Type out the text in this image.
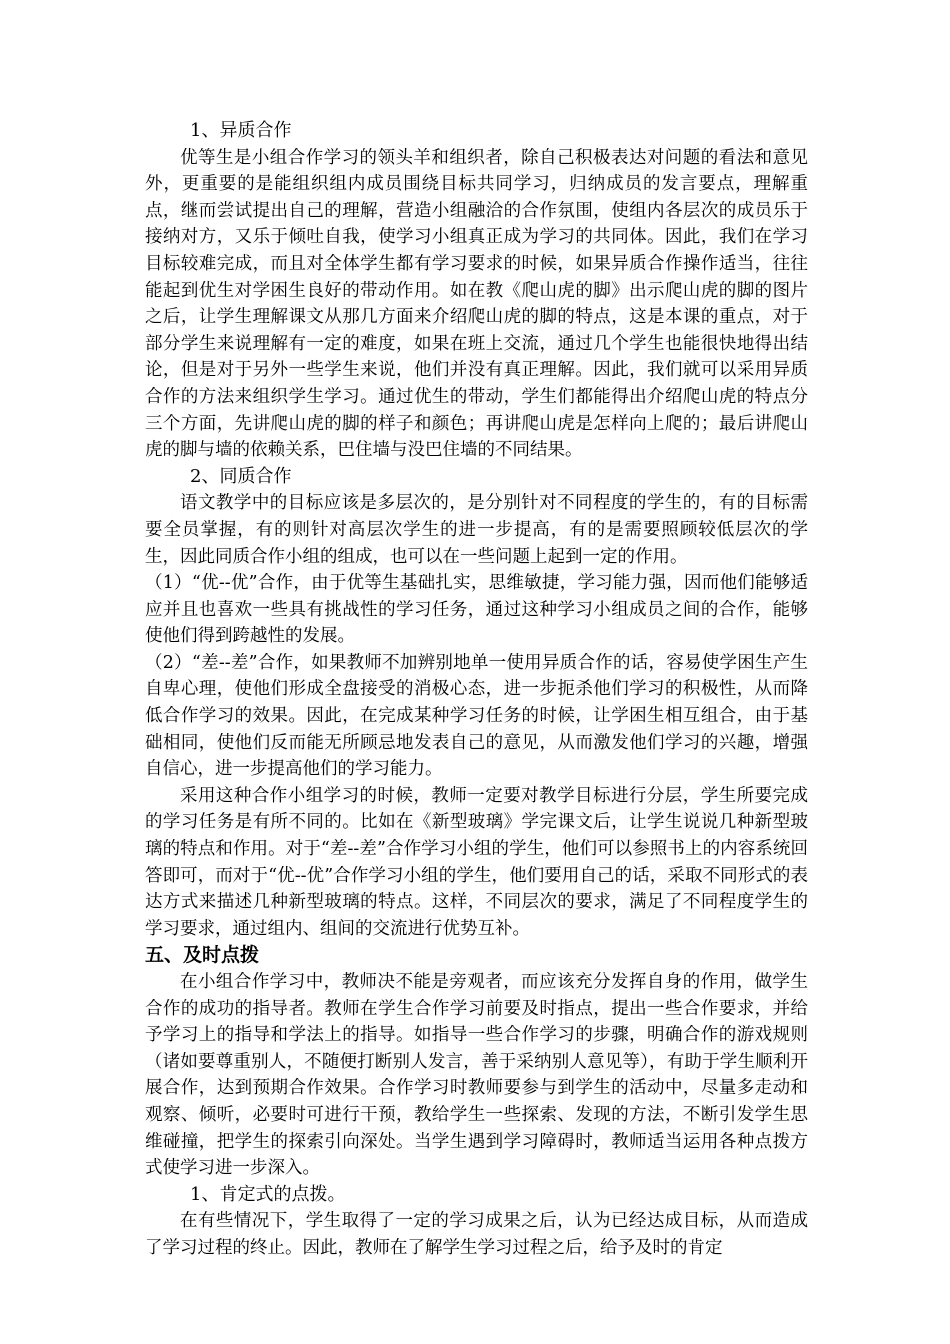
1、异质合作

优等生是小组合作学习的领头羊和组织者，除自己积极表达对问题的看法和意见外，更重要的是能组织组内成员围绕目标共同学习，归纳成员的发言要点，理解重点，继而尝试提出自己的理解，营造小组融洽的合作氛围，使组内各层次的成员乐于接纳对方，又乐于倾吐自我，使学习小组真正成为学习的共同体。因此，我们在学习目标较难完成，而且对全体学生都有学习要求的时候，如果异质合作操作适当，往往能起到优生对学困生良好的带动作用。如在教《爬山虎的脚》出示爬山虎的脚的图片之后，让学生理解课文从那几方面来介绍爬山虎的脚的特点，这是本课的重点，对于部分学生来说理解有一定的难度，如果在班上交流，通过几个学生也能很快地得出结论，但是对于另外一些学生来说，他们并没有真正理解。因此，我们就可以采用异质合作的方法来组织学生学习。通过优生的带动，学生们都能得出介绍爬山虎的特点分三个方面，先讲爬山虎的脚的样子和颜色；再讲爬山虎是怎样向上爬的；最后讲爬山虎的脚与墙的依赖关系，巴住墙与没巴住墙的不同结果。

2、同质合作

语文教学中的目标应该是多层次的，是分别针对不同程度的学生的，有的目标需要全员掌握，有的则针对高层次学生的进一步提高，有的是需要照顾较低层次的学生，因此同质合作小组的组成，也可以在一些问题上起到一定的作用。

（1）“优--优”合作，由于优等生基础扎实，思维敏捷，学习能力强，因而他们能够适应并且也喜欢一些具有挑战性的学习任务，通过这种学习小组成员之间的合作，能够使他们得到跨越性的发展。

（2）“差--差”合作，如果教师不加辨别地单一使用异质合作的话，容易使学困生产生自卑心理，使他们形成全盘接受的消极心态，进一步扼杀他们学习的积极性，从而降低合作学习的效果。因此，在完成某种学习任务的时候，让学困生相互组合，由于基础相同，使他们反而能无所顾忌地发表自己的意见，从而激发他们学习的兴趣，增强自信心，进一步提高他们的学习能力。

采用这种合作小组学习的时候，教师一定要对教学目标进行分层，学生所要完成的学习任务是有所不同的。比如在《新型玻璃》学完课文后，让学生说说几种新型玻璃的特点和作用。对于“差--差”合作学习小组的学生，他们可以参照书上的内容系统回答即可，而对于“优--优”合作学习小组的学生，他们要用自己的话，采取不同形式的表达方式来描述几种新型玻璃的特点。这样，不同层次的要求，满足了不同程度学生的学习要求，通过组内、组间的交流进行优势互补。

五、及时点拨

在小组合作学习中，教师决不能是旁观者，而应该充分发挥自身的作用，做学生合作的成功的指导者。教师在学生合作学习前要及时指点，提出一些合作要求，并给予学习上的指导和学法上的指导。如指导一些合作学习的步骤，明确合作的游戏规则（诸如要尊重别人，不随便打断别人发言，善于采纳别人意见等），有助于学生顺利开展合作，达到预期合作效果。合作学习时教师要参与到学生的活动中，尽量多走动和观察、倾听，必要时可进行干预，教给学生一些探索、发现的方法，不断引发学生思维碰撞，把学生的探索引向深处。当学生遇到学习障碍时，教师适当运用各种点拨方式使学习进一步深入。

1、肯定式的点拨。

在有些情况下，学生取得了一定的学习成果之后，认为已经达成目标，从而造成了学习过程的终止。因此，教师在了解学生学习过程之后，给予及时的肯定
